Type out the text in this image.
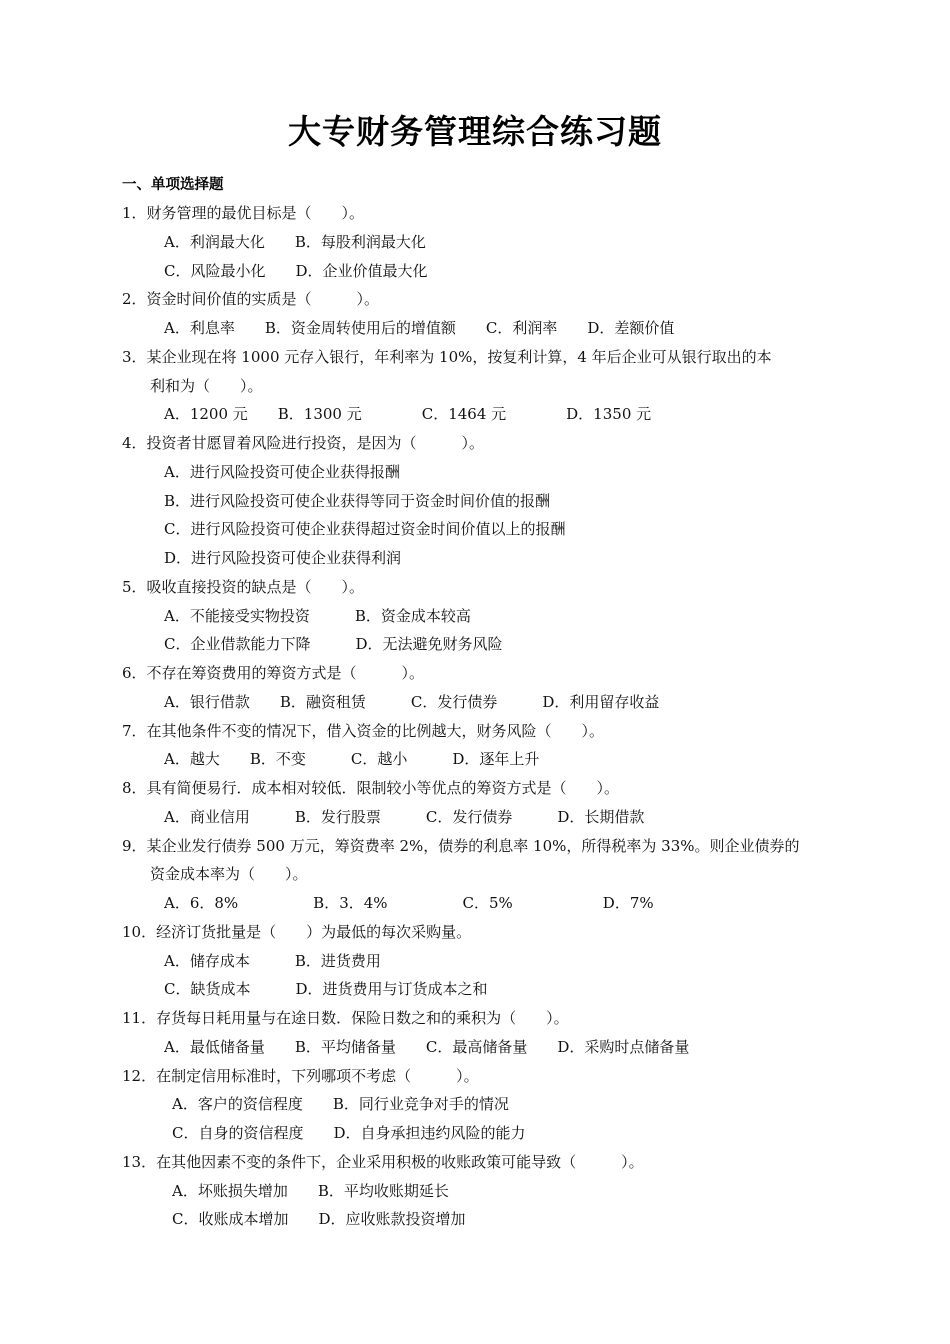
大专财务管理综合练习题
一、单项选择题
1．财务管理的最优目标是（　　）。
A．利润最大化　　B．每股利润最大化
C．风险最小化　　D．企业价值最大化
2．资金时间价值的实质是（　　　）。
A．利息率　　B．资金周转使用后的增值额　　C．利润率　　D．差额价值
3．某企业现在将 1000 元存入银行，年利率为 10%，按复利计算，4 年后企业可从银行取出的本
利和为（　　）。
A．1200 元　　B．1300 元　　　　C．1464 元　　　　D．1350 元
4．投资者甘愿冒着风险进行投资，是因为（　　　）。
A．进行风险投资可使企业获得报酬
B．进行风险投资可使企业获得等同于资金时间价值的报酬
C．进行风险投资可使企业获得超过资金时间价值以上的报酬
D．进行风险投资可使企业获得利润
5．吸收直接投资的缺点是（　　）。
A．不能接受实物投资　　　B．资金成本较高
C．企业借款能力下降　　　D．无法避免财务风险
6．不存在筹资费用的筹资方式是（　　　）。
A．银行借款　　B．融资租赁　　　C．发行债券　　　D．利用留存收益
7．在其他条件不变的情况下，借入资金的比例越大，财务风险（　　）。
A．越大　　B．不变　　　C．越小　　　D．逐年上升
8．具有简便易行．成本相对较低．限制较小等优点的筹资方式是（　　）。
A．商业信用　　　B．发行股票　　　C．发行债券　　　D．长期借款
9．某企业发行债券 500 万元，筹资费率 2%，债券的利息率 10%，所得税率为 33%。则企业债券的
资金成本率为（　　）。
A．6．8%　　　　　B．3．4%　　　　　C．5%　　　　　　D．7%
10．经济订货批量是（　　）为最低的每次采购量。
A．储存成本　　　B．进货费用
C．缺货成本　　　D．进货费用与订货成本之和
11．存货每日耗用量与在途日数．保险日数之和的乘积为（　　）。
A．最低储备量　　B．平均储备量　　C．最高储备量　　D．采购时点储备量
12．在制定信用标准时，下列哪项不考虑（　　　）。
A．客户的资信程度　　B．同行业竞争对手的情况
C．自身的资信程度　　D．自身承担违约风险的能力
13．在其他因素不变的条件下，企业采用积极的收账政策可能导致（　　　）。
A．坏账损失增加　　B．平均收账期延长
C．收账成本增加　　D．应收账款投资增加
